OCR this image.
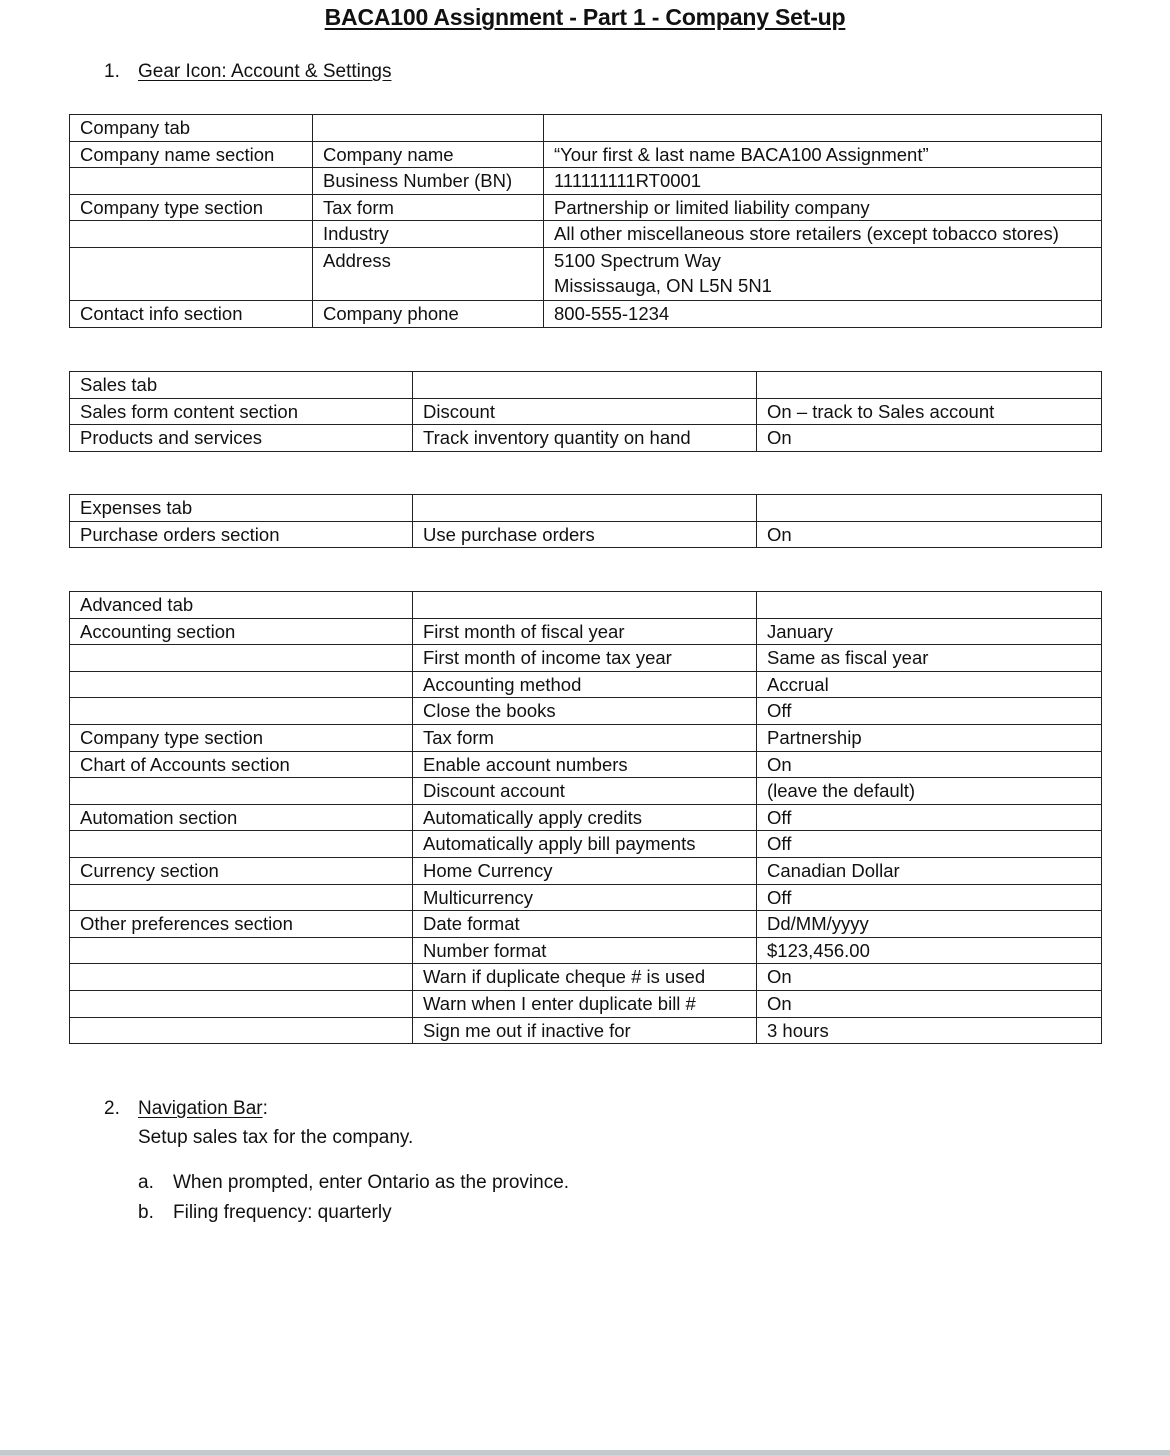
BACA100 Assignment - Part 1 - Company Set-up
1. Gear Icon: Account & Settings
Company tab		
Company name section	Company name	“Your first & last name BACA100 Assignment”
	Business Number (BN)	111111111RT0001
Company type section	Tax form	Partnership or limited liability company
	Industry	All other miscellaneous store retailers (except tobacco stores)
	Address	5100 Spectrum Way
Mississauga, ON L5N 5N1

Contact info section	Company phone	800-555-1234
Sales tab		
Sales form content section	Discount	On – track to Sales account
Products and services	Track inventory quantity on hand	On
Expenses tab		
Purchase orders section	Use purchase orders	On
Advanced tab		
Accounting section	First month of fiscal year	January
	First month of income tax year	Same as fiscal year
	Accounting method	Accrual
	Close the books	Off
Company type section	Tax form	Partnership
Chart of Accounts section	Enable account numbers	On
	Discount account	(leave the default)
Automation section	Automatically apply credits	Off
	Automatically apply bill payments	Off
Currency section	Home Currency	Canadian Dollar
	Multicurrency	Off
Other preferences section	Date format	Dd/MM/yyyy
	Number format	$123,456.00
	Warn if duplicate cheque # is used	On
	Warn when I enter duplicate bill #	On
	Sign me out if inactive for	3 hours
2. Navigation Bar:
Setup sales tax for the company.
a. When prompted, enter Ontario as the province.
b. Filing frequency: quarterly
